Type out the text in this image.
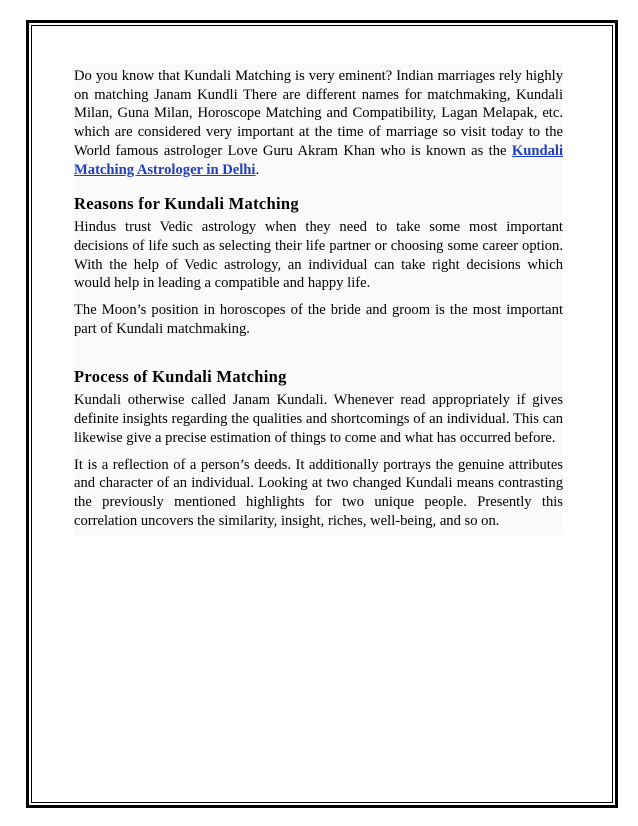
Do you know that Kundali Matching is very eminent? Indian marriages rely highly on matching Janam Kundli There are different names for matchmaking, Kundali Milan, Guna Milan, Horoscope Matching and Compatibility, Lagan Melapak, etc. which are considered very important at the time of marriage so visit today to the World famous astrologer Love Guru Akram Khan who is known as the Kundali Matching Astrologer in Delhi.

Reasons for Kundali Matching

Hindus trust Vedic astrology when they need to take some most important decisions of life such as selecting their life partner or choosing some career option. With the help of Vedic astrology, an individual can take right decisions which would help in leading a compatible and happy life.

The Moon’s position in horoscopes of the bride and groom is the most important part of Kundali matchmaking.

Process of Kundali Matching

Kundali otherwise called Janam Kundali. Whenever read appropriately if gives definite insights regarding the qualities and shortcomings of an individual. This can likewise give a precise estimation of things to come and what has occurred before.

It is a reflection of a person’s deeds. It additionally portrays the genuine attributes and character of an individual. Looking at two changed Kundali means contrasting the previously mentioned highlights for two unique people. Presently this correlation uncovers the similarity, insight, riches, well-being, and so on.
